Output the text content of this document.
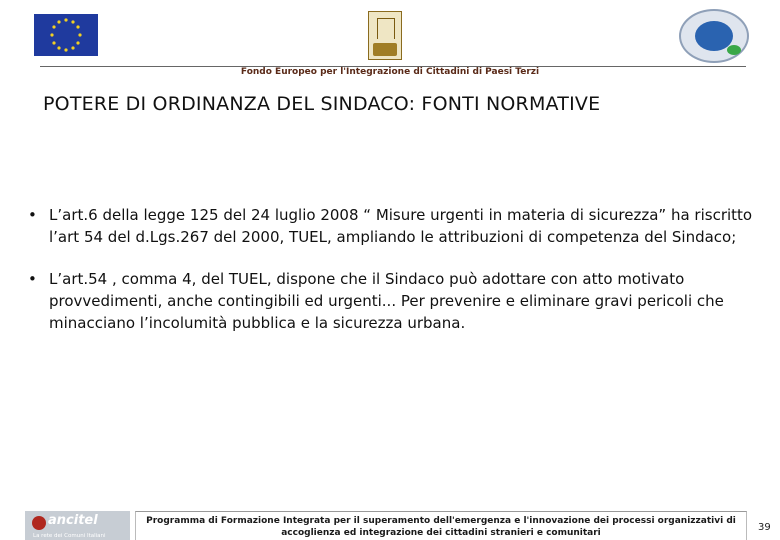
Fondo Europeo per l'Integrazione di Cittadini di Paesi Terzi
POTERE DI ORDINANZA DEL SINDACO: FONTI NORMATIVE
• L’art.6 della legge 125 del 24 luglio 2008 “ Misure urgenti in materia di sicurezza” ha riscritto l’art 54 del d.Lgs.267 del 2000, TUEL, ampliando le attribuzioni di competenza del Sindaco;
• L’art.54 , comma 4, del TUEL, dispone che il Sindaco può adottare con atto motivato provvedimenti, anche contingibili ed urgenti... Per prevenire e eliminare gravi pericoli che minacciano l’incolumità pubblica e la sicurezza urbana.
ancitel
La rete dei Comuni Italiani
Programma di Formazione Integrata per il superamento dell'emergenza e l'innovazione dei processi organizzativi di accoglienza ed integrazione dei cittadini stranieri e comunitari	39
